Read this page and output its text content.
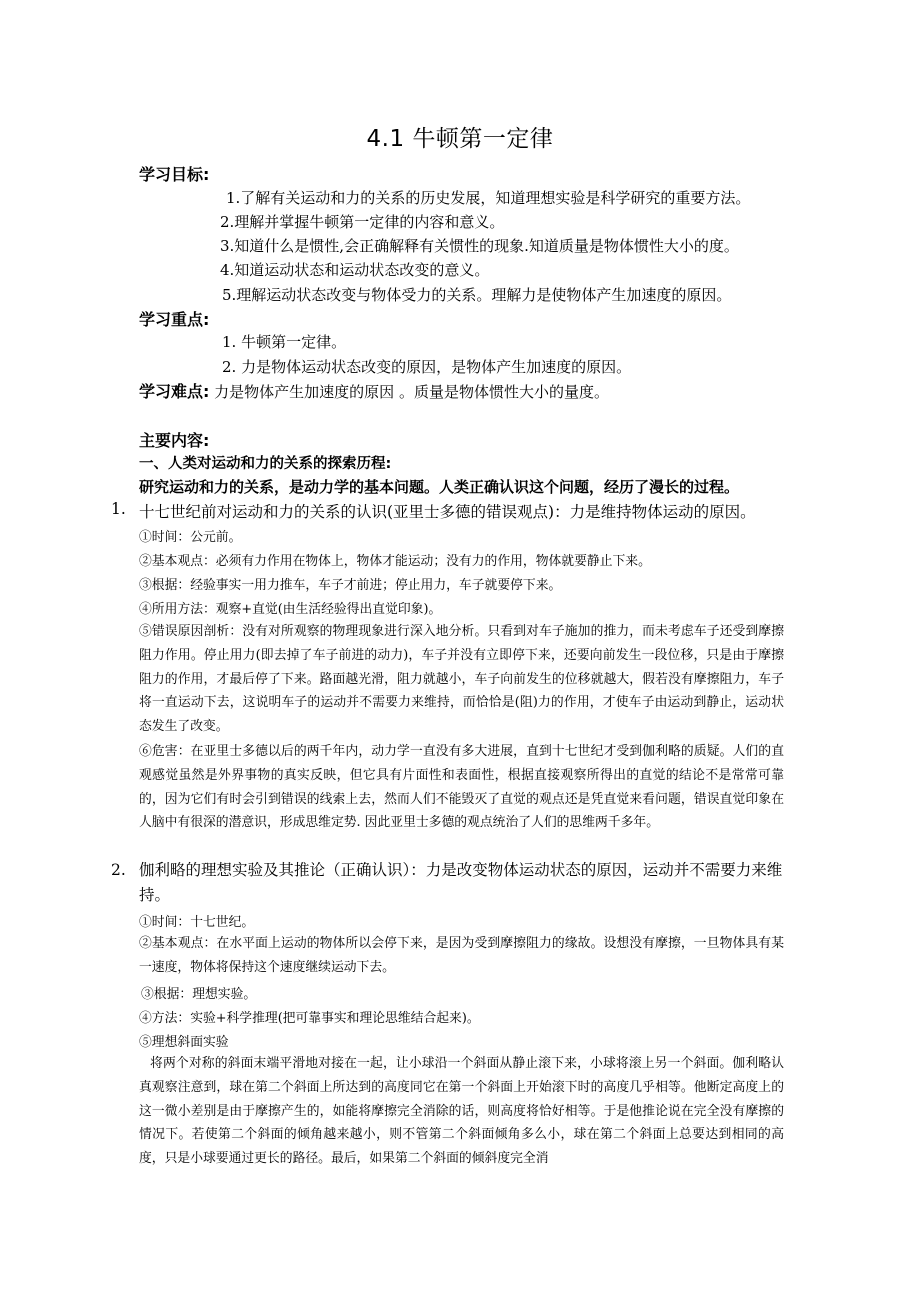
4.1 牛顿第一定律
学习目标:
1.了解有关运动和力的关系的历史发展，知道理想实验是科学研究的重要方法。
2.理解并掌握牛顿第一定律的内容和意义。
3.知道什么是惯性,会正确解释有关惯性的现象.知道质量是物体惯性大小的度。
4.知道运动状态和运动状态改变的意义。
5.理解运动状态改变与物体受力的关系。理解力是使物体产生加速度的原因。
学习重点:
1. 牛顿第一定律。
2. 力是物体运动状态改变的原因，是物体产生加速度的原因。
学习难点: 力是物体产生加速度的原因 。质量是物体惯性大小的量度。
主要内容:
一、人类对运动和力的关系的探索历程:
研究运动和力的关系，是动力学的基本问题。人类正确认识这个问题，经历了漫长的过程。
1. 十七世纪前对运动和力的关系的认识(亚里士多德的错误观点)：力是维持物体运动的原因。
①时间：公元前。
②基本观点：必须有力作用在物体上，物体才能运动；没有力的作用，物体就要静止下来。
③根据：经验事实一用力推车，车子才前进；停止用力，车子就要停下来。
④所用方法：观察+直觉(由生活经验得出直觉印象)。
⑤错误原因剖析：没有对所观察的物理现象进行深入地分析。只看到对车子施加的推力，而未考虑车子还受到摩擦阻力作用。停止用力(即去掉了车子前进的动力)，车子并没有立即停下来，还要向前发生一段位移，只是由于摩擦阻力的作用，才最后停了下来。路面越光滑，阻力就越小，车子向前发生的位移就越大，假若没有摩擦阻力，车子将一直运动下去，这说明车子的运动并不需要力来维持，而恰恰是(阻)力的作用，才使车子由运动到静止，运动状态发生了改变。
⑥危害：在亚里士多德以后的两千年内，动力学一直没有多大进展，直到十七世纪才受到伽利略的质疑。人们的直观感觉虽然是外界事物的真实反映，但它具有片面性和表面性，根据直接观察所得出的直觉的结论不是常常可靠的，因为它们有时会引到错误的线索上去，然而人们不能毁灭了直觉的观点还是凭直觉来看问题，错误直觉印象在人脑中有很深的潜意识，形成思维定势. 因此亚里士多德的观点统治了人们的思维两千多年。
2. 伽利略的理想实验及其推论（正确认识）：力是改变物体运动状态的原因，运动并不需要力来维持。
①时间：十七世纪。
②基本观点：在水平面上运动的物体所以会停下来，是因为受到摩擦阻力的缘故。设想没有摩擦，一旦物体具有某一速度，物体将保持这个速度继续运动下去。
③根据：理想实验。
④方法：实验+科学推理(把可靠事实和理论思维结合起来)。
⑤理想斜面实验
将两个对称的斜面末端平滑地对接在一起，让小球沿一个斜面从静止滚下来，小球将滚上另一个斜面。伽利略认真观察注意到，球在第二个斜面上所达到的高度同它在第一个斜面上开始滚下时的高度几乎相等。他断定高度上的这一微小差别是由于摩擦产生的，如能将摩擦完全消除的话，则高度将恰好相等。于是他推论说在完全没有摩擦的情况下。若使第二个斜面的倾角越来越小，则不管第二个斜面倾角多么小，球在第二个斜面上总要达到相同的高度，只是小球要通过更长的路径。最后，如果第二个斜面的倾斜度完全消
